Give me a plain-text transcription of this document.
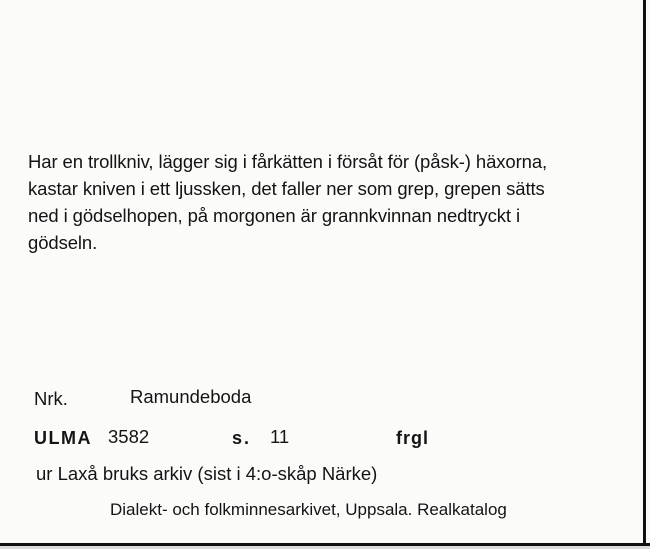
Har en trollkniv, lägger sig i fårkätten i försåt för (påsk-) häxorna,
kastar kniven i ett ljussken, det faller ner som grep, grepen sätts
ned i gödselhopen, på morgonen är grannkvinnan nedtryckt i
gödseln.
Nrk.	Ramundeboda
ULMA 3582	s. 11	frgl
ur Laxå bruks arkiv (sist i 4:o-skåp Närke)
Dialekt- och folkminnesarkivet, Uppsala. Realkatalog
